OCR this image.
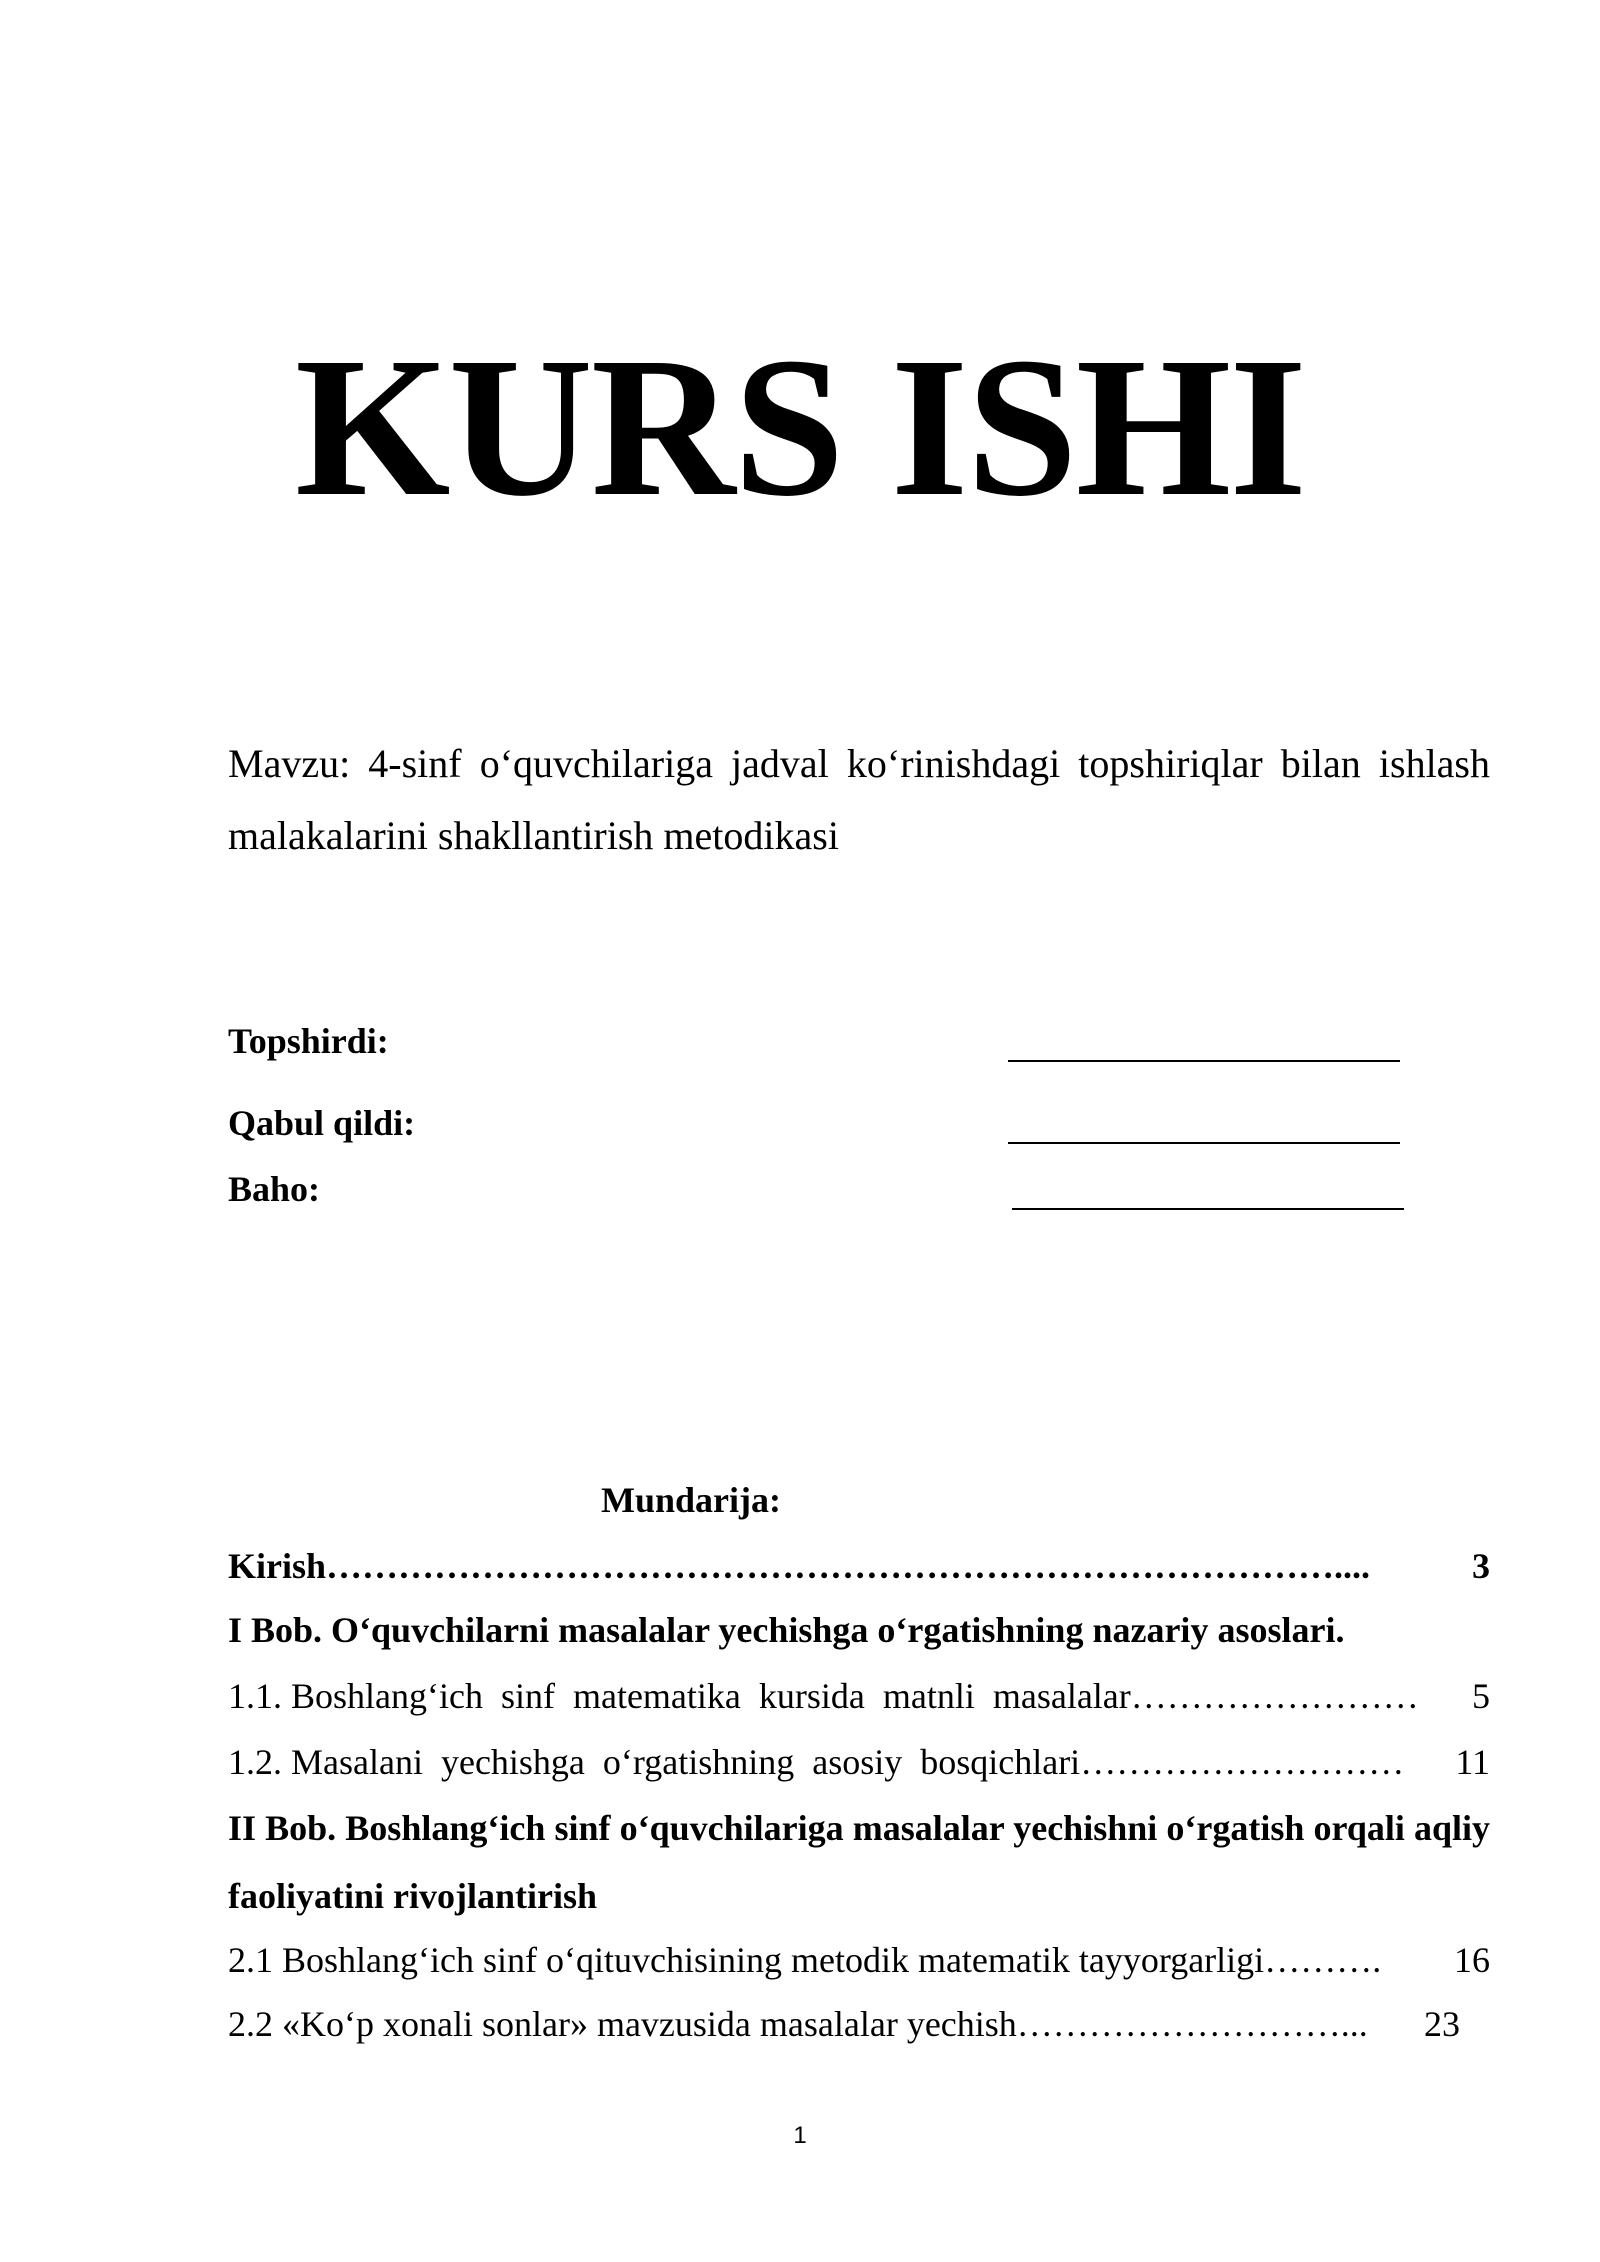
KURS ISHI

Mavzu: 4-sinf o‘quvchilariga jadval ko‘rinishdagi topshiriqlar bilan ishlash malakalarini shakllantirish metodikasi

Topshirdi:
Qabul qildi:
Baho:
Mundarija:
Kirish …………………………………………………………………………....	3
I Bob. O‘quvchilarni masalalar yechishga o‘rgatishning nazariy asoslari.
1.1. Boshlang‘ich  sinf  matematika  kursida  matnli  masalalar ……………………	5
1.2. Masalani  yechishga  o‘rgatishning  asosiy  bosqichlari ………………………	11

II Bob. Boshlang‘ich sinf o‘quvchilariga masalalar yechishni o‘rgatish orqali aqliy faoliyatini rivojlantirish

2.1 Boshlang‘ich sinf o‘qituvchisining metodik matematik tayyorgarligi ……….	16
2.2 «Ko‘p xonali sonlar» mavzusida masalalar yechish ………………………...	23
1
